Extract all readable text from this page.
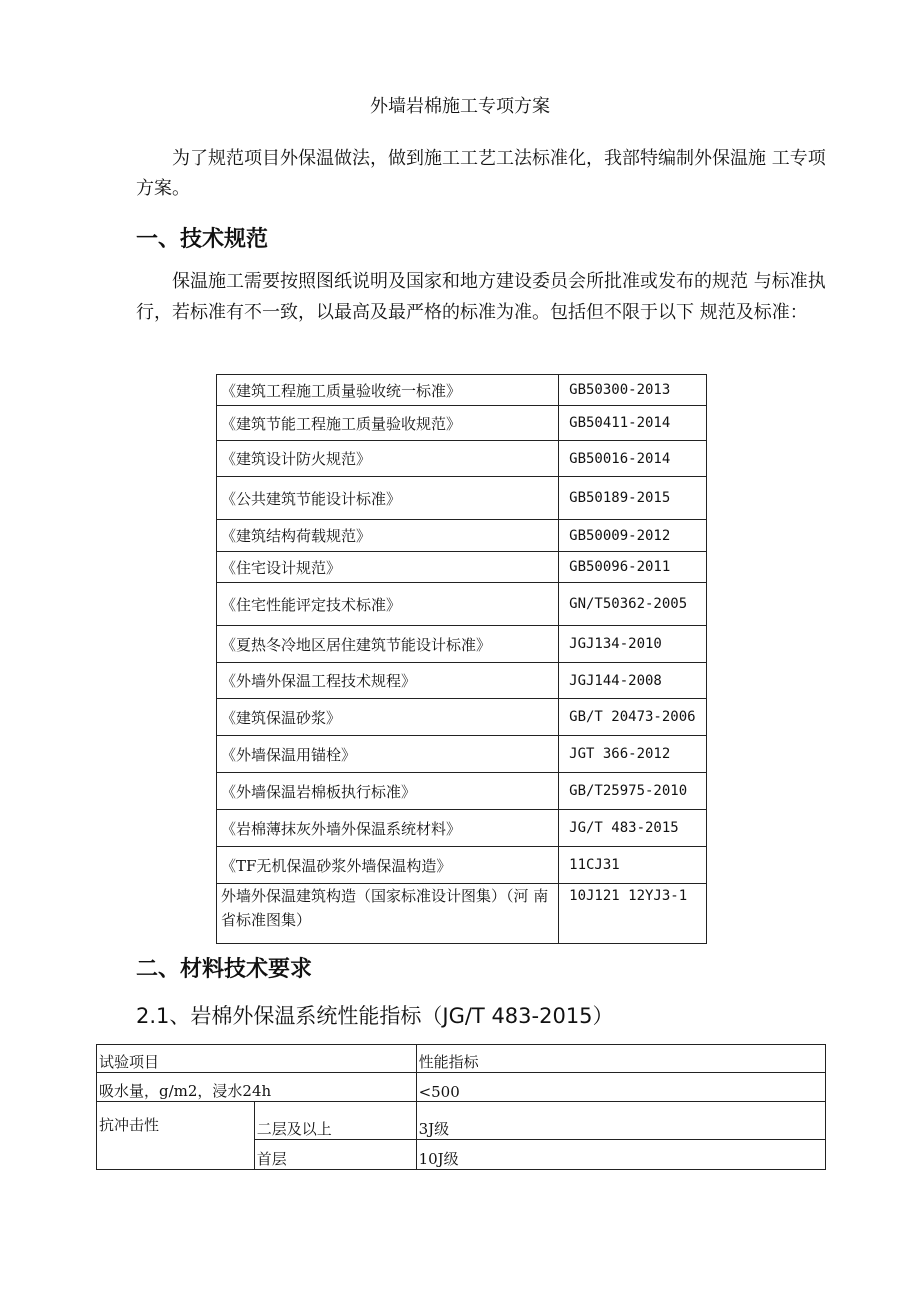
外墙岩棉施工专项方案
为了规范项目外保温做法，做到施工工艺工法标准化，我部特编制外保温施 工专项方案。
一、技术规范
保温施工需要按照图纸说明及国家和地方建设委员会所批准或发布的规范 与标准执行，若标准有不一致，以最高及最严格的标准为准。包括但不限于以下 规范及标准：
《建筑工程施工质量验收统一标准》	GB50300-2013
《建筑节能工程施工质量验收规范》	GB50411-2014
《建筑设计防火规范》	GB50016-2014
《公共建筑节能设计标准》	GB50189-2015
《建筑结构荷载规范》	GB50009-2012
《住宅设计规范》	GB50096-2011
《住宅性能评定技术标准》	GN/T50362-2005
《夏热冬冷地区居住建筑节能设计标准》	JGJ134-2010
《外墙外保温工程技术规程》	JGJ144-2008
《建筑保温砂浆》	GB/T 20473-2006
《外墙保温用锚栓》	JGT 366-2012
《外墙保温岩棉板执行标准》	GB/T25975-2010
《岩棉薄抹灰外墙外保温系统材料》	JG/T 483-2015
《TF无机保温砂浆外墙保温构造》	11CJ31
外墙外保温建筑构造（国家标准设计图集）（河 南省标准图集）	10J121 12YJ3-1
二、材料技术要求
2.1、岩棉外保温系统性能指标（JG/T 483-2015）
试验项目		性能指标
吸水量，g/m2，浸水24h		<500
抗冲击性	二层及以上	3J级
	首层	10J级
